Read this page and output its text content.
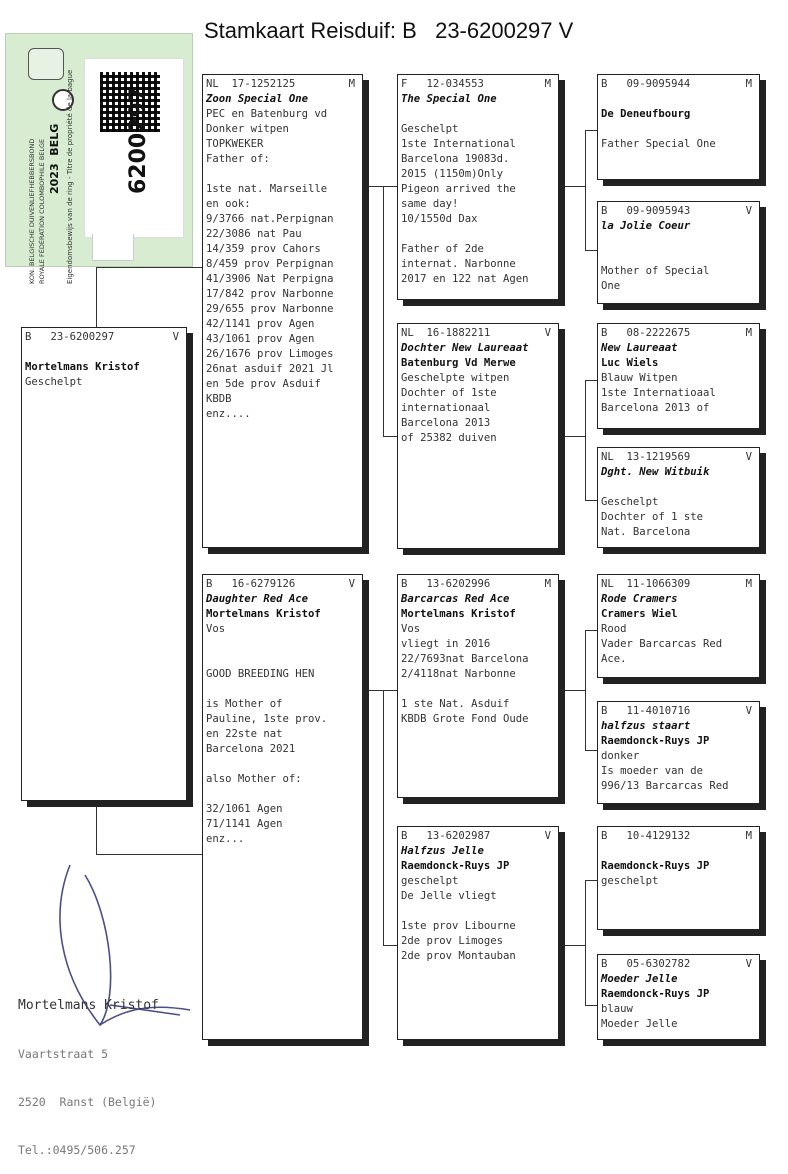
Stamkaart Reisduif: B   23-6200297 V
KON. BELGISCHE DUIVENLIEFHEBBERSBOND ROYALE FÉDÉRATION COLOMBOPHILE BELGE	Eigendomsbewijs van de ring - Titre de propriété de la bague
2023  BELG	6200297
B   23-6200297	V
Mortelmans Kristof
Geschelpt
NL  17-1252125	M
Zoon Special One
PEC en Batenburg vd
Donker witpen
TOPKWEKER
Father of:
1ste nat. Marseille
en ook:
9/3766 nat.Perpignan
22/3086 nat Pau
14/359 prov Cahors
8/459 prov Perpignan
41/3906 Nat Perpigna
17/842 prov Narbonne
29/655 prov Narbonne
42/1141 prov Agen
43/1061 prov Agen
26/1676 prov Limoges
26nat asduif 2021 Jl
en 5de prov Asduif
KBDB
enz....
B   16-6279126	V
Daughter Red Ace
Mortelmans Kristof
Vos
GOOD BREEDING HEN
is Mother of
Pauline, 1ste prov.
en 22ste nat
Barcelona 2021
also Mother of:
32/1061 Agen
71/1141 Agen
enz...
F   12-034553	M
The Special One
Geschelpt
1ste International
Barcelona 19083d.
2015 (1150m)Only
Pigeon arrived the
same day!
10/1550d Dax
Father of 2de
internat. Narbonne
2017 en 122 nat Agen
NL  16-1882211	V
Dochter New Laureaat
Batenburg Vd Merwe
Geschelpte witpen
Dochter of 1ste
internationaal
Barcelona 2013
of 25382 duiven
B   13-6202996	M
Barcarcas Red Ace
Mortelmans Kristof
Vos
vliegt in 2016
22/7693nat Barcelona
2/4118nat Narbonne
1 ste Nat. Asduif
KBDB Grote Fond Oude
B   13-6202987	V
Halfzus Jelle
Raemdonck-Ruys JP
geschelpt
De Jelle vliegt
1ste prov Libourne
2de prov Limoges
2de prov Montauban
B   09-9095944	M
De Deneufbourg
Father Special One
B   09-9095943	V
la Jolie Coeur
Mother of Special
One
B   08-2222675	M
New Laureaat
Luc Wiels
Blauw Witpen
1ste Internatioaal
Barcelona 2013 of
NL  13-1219569	V
Dght. New Witbuik
Geschelpt
Dochter of 1 ste
Nat. Barcelona
NL  11-1066309	M
Rode Cramers
Cramers Wiel
Rood
Vader Barcarcas Red
Ace.
B   11-4010716	V
halfzus staart
Raemdonck-Ruys JP
donker
Is moeder van de
996/13 Barcarcas Red
B   10-4129132	M
Raemdonck-Ruys JP
geschelpt
B   05-6302782	V
Moeder Jelle
Raemdonck-Ruys JP
blauw
Moeder Jelle

Mortelmans Kristof

Vaartstraat 5

2520  Ranst (België)

Tel.:0495/506.257
